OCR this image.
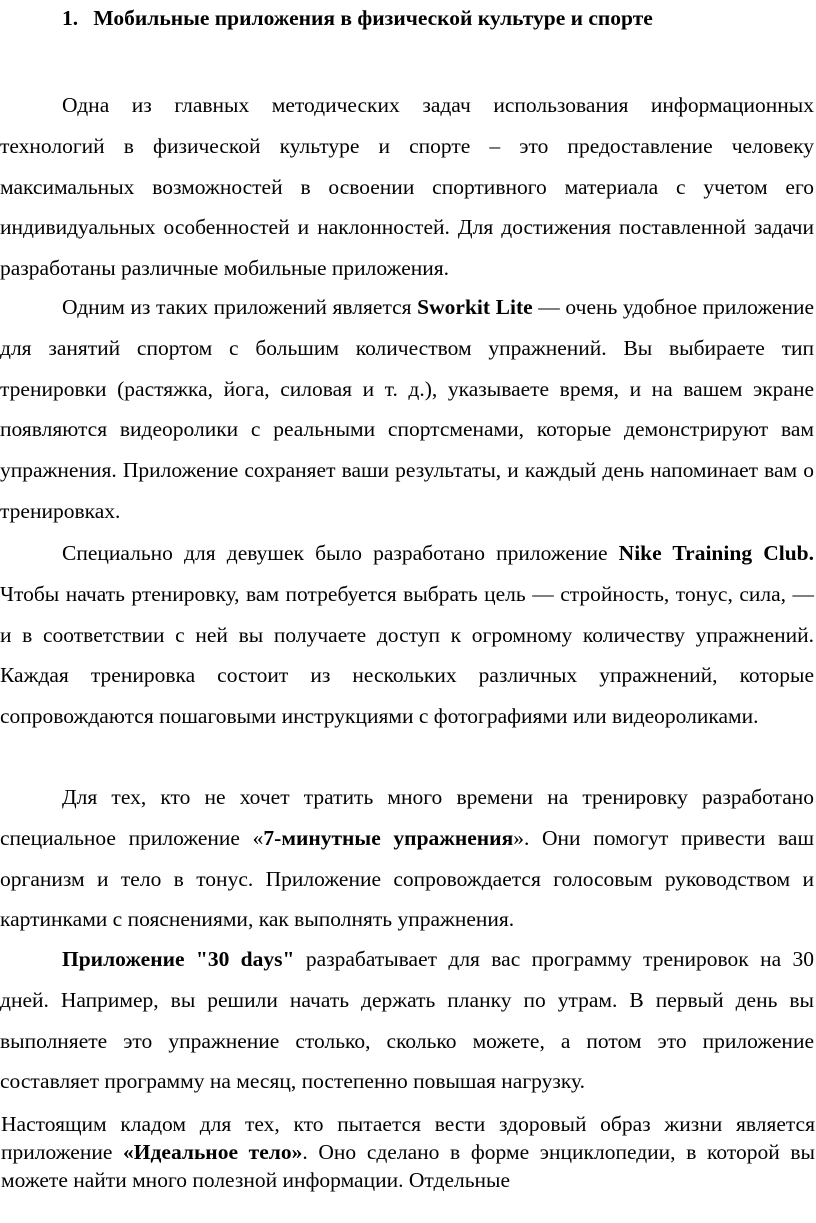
1. Мобильные приложения в физической культуре и спорте

Одна из главных методических задач использования информационных технологий в физической культуре и спорте – это предоставление человеку максимальных возможностей в освоении спортивного материала с учетом его индивидуальных особенностей и наклонностей. Для достижения поставленной задачи разработаны различные мобильные приложения.

Одним из таких приложений является Sworkit Lite — очень удобное приложение для занятий спортом с большим количеством упражнений. Вы выбираете тип тренировки (растяжка, йога, силовая и т. д.), указываете время, и на вашем экране появляются видеоролики с реальными спортсменами, которые демонстрируют вам упражнения. Приложение сохраняет ваши результаты, и каждый день напоминает вам о тренировках.

Специально для девушек было разработано приложение Nike Training Club. Чтобы начать ртенировку, вам потребуется выбрать цель — стройность, тонус, сила, — и в соответствии с ней вы получаете доступ к огромному количеству упражнений. Каждая тренировка состоит из нескольких различных упражнений, которые сопровождаются пошаговыми инструкциями с фотографиями или видеороликами.

Для тех, кто не хочет тратить много времени на тренировку разработано специальное приложение «7-минутные упражнения». Они помогут привести ваш организм и тело в тонус. Приложение сопровождается голосовым руководством и картинками с пояснениями, как выполнять упражнения.

Приложение "30 days" разрабатывает для вас программу тренировок на 30 дней. Например, вы решили начать держать планку по утрам. В первый день вы выполняете это упражнение столько, сколько можете, а потом это приложение составляет программу на месяц, постепенно повышая нагрузку.

Настоящим кладом для тех, кто пытается вести здоровый образ жизни является приложение «Идеальное тело». Оно сделано в форме энциклопедии, в которой вы можете найти много полезной информации. Отдельные
